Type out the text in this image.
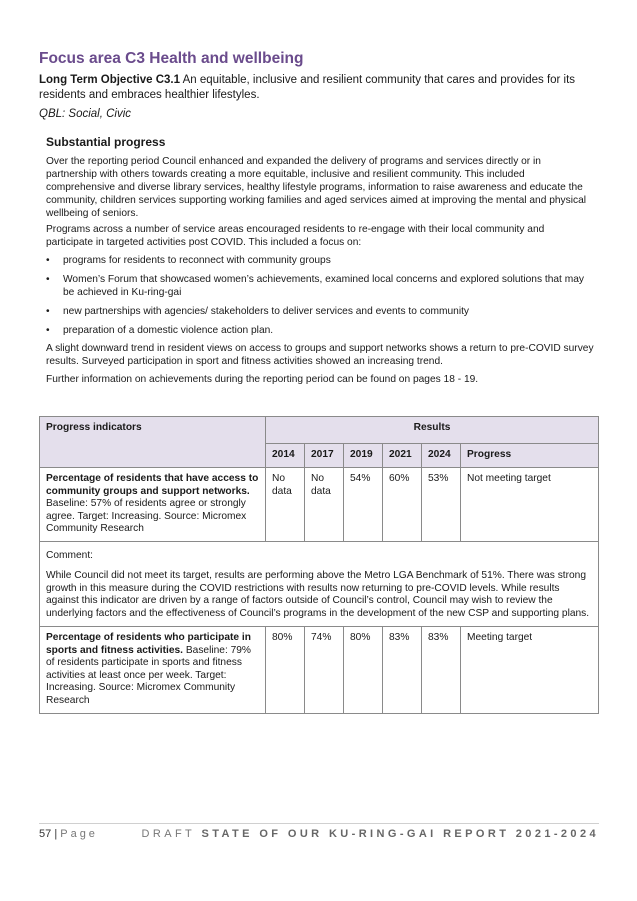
Focus area C3 Health and wellbeing
Long Term Objective C3.1 An equitable, inclusive and resilient community that cares and provides for its residents and embraces healthier lifestyles.
QBL: Social, Civic
Substantial progress
Over the reporting period Council enhanced and expanded the delivery of programs and services directly or in partnership with others towards creating a more equitable, inclusive and resilient community. This included comprehensive and diverse library services, healthy lifestyle programs, information to raise awareness and educate the community, children services supporting working families and aged services aimed at improving the mental and physical wellbeing of seniors.
Programs across a number of service areas encouraged residents to re-engage with their local community and participate in targeted activities post COVID. This included a focus on:
• programs for residents to reconnect with community groups
• Women’s Forum that showcased women’s achievements, examined local concerns and explored solutions that may be achieved in Ku-ring-gai
• new partnerships with agencies/ stakeholders to deliver services and events to community
• preparation of a domestic violence action plan.
A slight downward trend in resident views on access to groups and support networks shows a return to pre-COVID survey results. Surveyed participation in sport and fitness activities showed an increasing trend.
Further information on achievements during the reporting period can be found on pages 18 - 19.
Progress indicators	Results					
	2014	2017	2019	2021	2024	Progress
Percentage of residents that have access to community groups and support networks. Baseline: 57% of residents agree or strongly agree. Target: Increasing. Source: Micromex Community Research	No data	No data	54%	60%	53%	Not meeting target

Comment:

While Council did not meet its target, results are performing above the Metro LGA Benchmark of 51%. There was strong growth in this measure during the COVID restrictions with results now returning to pre-COVID levels. While results against this indicator are driven by a range of factors outside of Council’s control, Council may wish to review the underlying factors and the effectiveness of Council’s programs in the development of the new CSP and supporting plans.						

Percentage of residents who participate in sports and fitness activities. Baseline: 79% of residents participate in sports and fitness activities at least once per week. Target: Increasing. Source: Micromex Community Research	80%	74%	80%	83%	83%	Meeting target
57 | Page	DRAFT STATE OF OUR KU-RING-GAI REPORT 2021-2024
